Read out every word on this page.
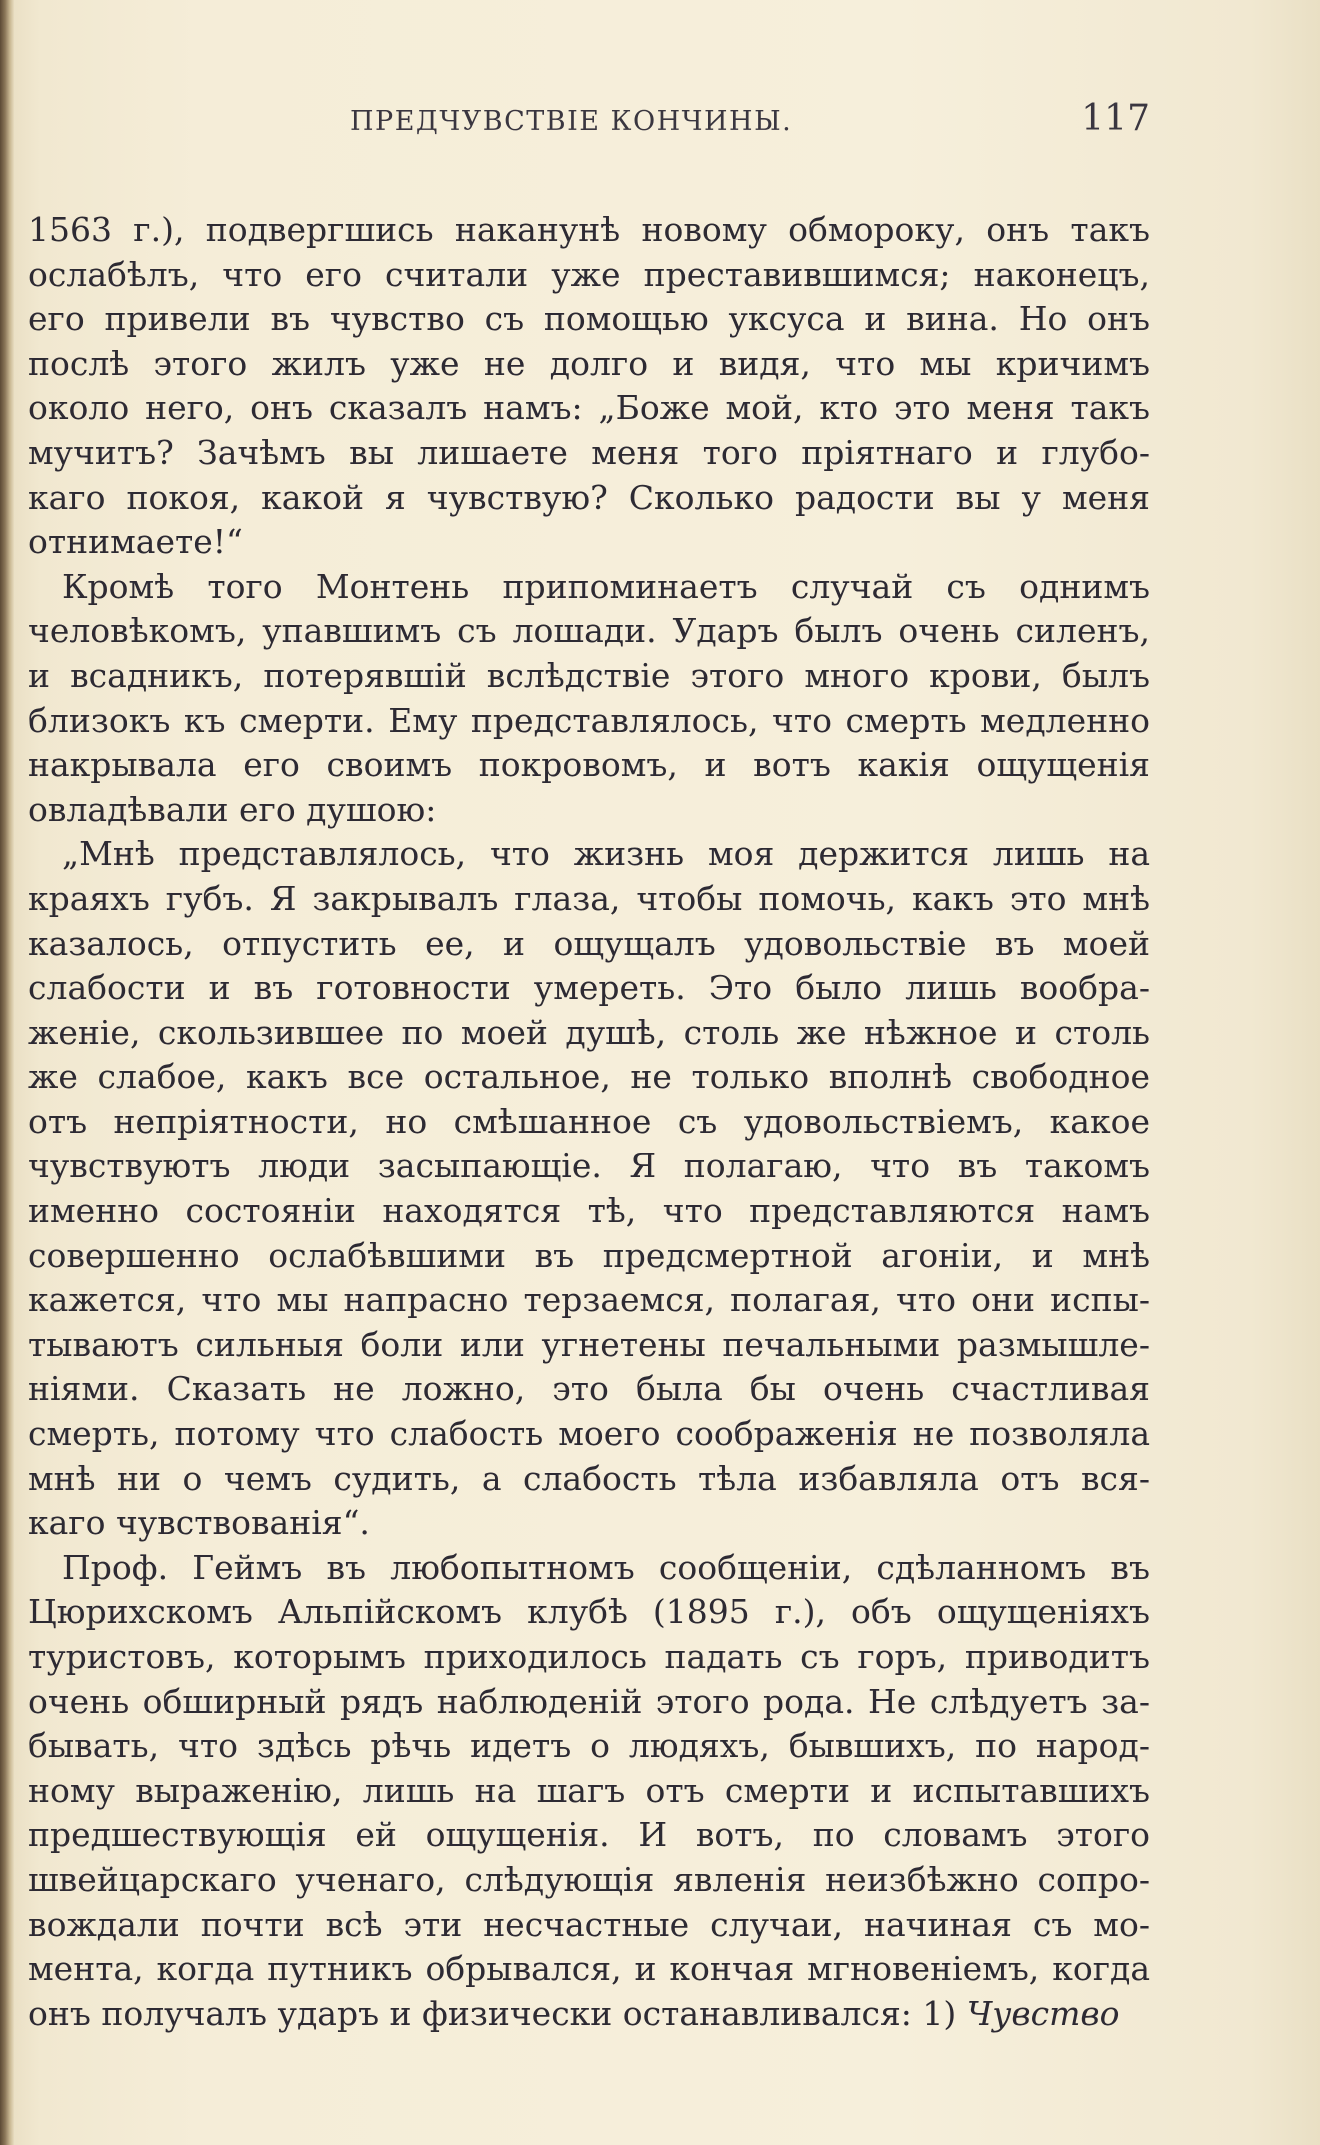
ПРЕДЧУВСТВІЕ КОНЧИНЫ.	117
1563 г.), подвергшись наканунѣ новому обмороку, онъ такъ
ослабѣлъ, что его считали уже преставившимся; наконецъ,
его привели въ чувство съ помощью уксуса и вина. Но онъ
послѣ этого жилъ уже не долго и видя, что мы кричимъ
около него, онъ сказалъ намъ: „Боже мой, кто это меня такъ
мучитъ? Зачѣмъ вы лишаете меня того пріятнаго и глубо-
каго покоя, какой я чувствую? Сколько радости вы у меня
отнимаете!“
Кромѣ того Монтень припоминаетъ случай съ однимъ
человѣкомъ, упавшимъ съ лошади. Ударъ былъ очень силенъ,
и всадникъ, потерявшій вслѣдствіе этого много крови, былъ
близокъ къ смерти. Ему представлялось, что смерть медленно
накрывала его своимъ покровомъ, и вотъ какія ощущенія
овладѣвали его душою:
„Мнѣ представлялось, что жизнь моя держится лишь на
краяхъ губъ. Я закрывалъ глаза, чтобы помочь, какъ это мнѣ
казалось, отпустить ее, и ощущалъ удовольствіе въ моей
слабости и въ готовности умереть. Это было лишь вообра-
женіе, скользившее по моей душѣ, столь же нѣжное и столь
же слабое, какъ все остальное, не только вполнѣ свободное
отъ непріятности, но смѣшанное съ удовольствіемъ, какое
чувствуютъ люди засыпающіе. Я полагаю, что въ такомъ
именно состояніи находятся тѣ, что представляются намъ
совершенно ослабѣвшими въ предсмертной агоніи, и мнѣ
кажется, что мы напрасно терзаемся, полагая, что они испы-
тываютъ сильныя боли или угнетены печальными размышле-
ніями. Сказать не ложно, это была бы очень счастливая
смерть, потому что слабость моего соображенія не позволяла
мнѣ ни о чемъ судить, а слабость тѣла избавляла отъ вся-
каго чувствованія“.
Проф. Геймъ въ любопытномъ сообщеніи, сдѣланномъ въ
Цюрихскомъ Альпійскомъ клубѣ (1895 г.), объ ощущеніяхъ
туристовъ, которымъ приходилось падать съ горъ, приводитъ
очень обширный рядъ наблюденій этого рода. Не слѣдуетъ за-
бывать, что здѣсь рѣчь идетъ о людяхъ, бывшихъ, по народ-
ному выраженію, лишь на шагъ отъ смерти и испытавшихъ
предшествующія ей ощущенія. И вотъ, по словамъ этого
швейцарскаго ученаго, слѣдующія явленія неизбѣжно сопро-
вождали почти всѣ эти несчастные случаи, начиная съ мо-
мента, когда путникъ обрывался, и кончая мгновеніемъ, когда
онъ получалъ ударъ и физически останавливался: 1) Чувство
